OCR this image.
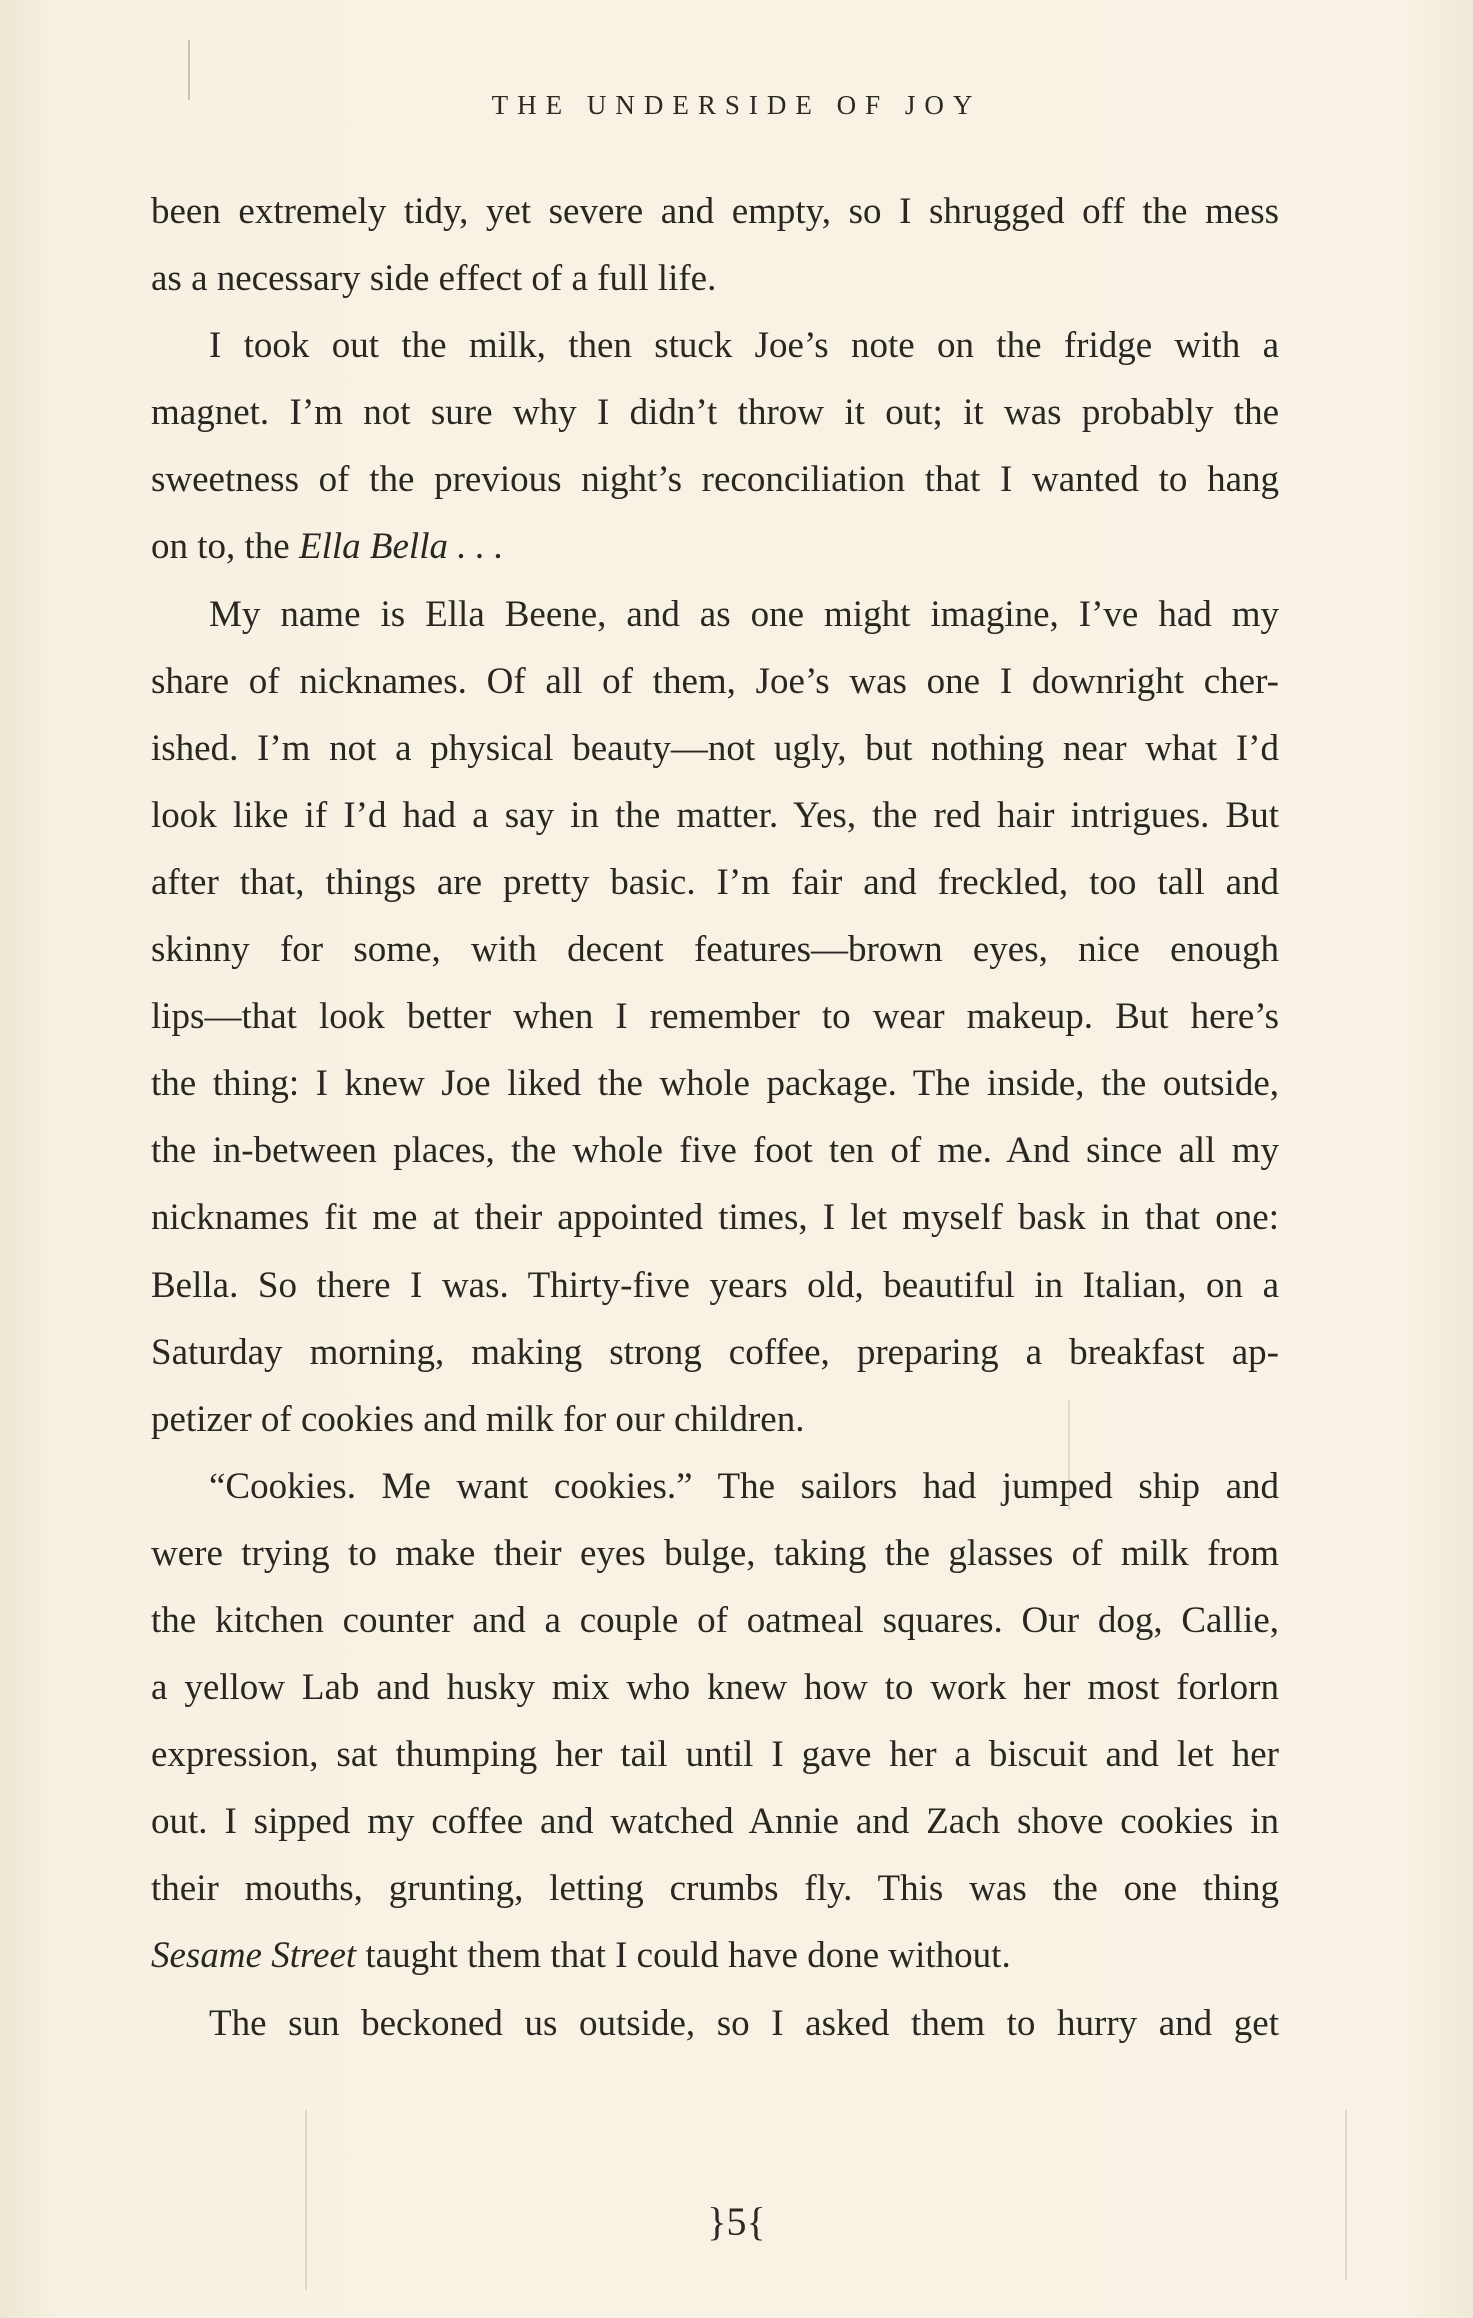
THE UNDERSIDE OF JOY
been extremely tidy, yet severe and empty, so I shrugged off the mess
as a necessary side effect of a full life.
I took out the milk, then stuck Joe’s note on the fridge with a
magnet. I’m not sure why I didn’t throw it out; it was probably the
sweetness of the previous night’s reconciliation that I wanted to hang
on to, the Ella Bella . . .
My name is Ella Beene, and as one might imagine, I’ve had my
share of nicknames. Of all of them, Joe’s was one I downright cher-
ished. I’m not a physical beauty—not ugly, but nothing near what I’d
look like if I’d had a say in the matter. Yes, the red hair intrigues. But
after that, things are pretty basic. I’m fair and freckled, too tall and
skinny for some, with decent features—brown eyes, nice enough
lips—that look better when I remember to wear makeup. But here’s
the thing: I knew Joe liked the whole package. The inside, the outside,
the in-between places, the whole five foot ten of me. And since all my
nicknames fit me at their appointed times, I let myself bask in that one:
Bella. So there I was. Thirty-five years old, beautiful in Italian, on a
Saturday morning, making strong coffee, preparing a breakfast ap-
petizer of cookies and milk for our children.
“Cookies. Me want cookies.” The sailors had jumped ship and
were trying to make their eyes bulge, taking the glasses of milk from
the kitchen counter and a couple of oatmeal squares. Our dog, Callie,
a yellow Lab and husky mix who knew how to work her most forlorn
expression, sat thumping her tail until I gave her a biscuit and let her
out. I sipped my coffee and watched Annie and Zach shove cookies in
their mouths, grunting, letting crumbs fly. This was the one thing
Sesame Street taught them that I could have done without.
The sun beckoned us outside, so I asked them to hurry and get
}5{
